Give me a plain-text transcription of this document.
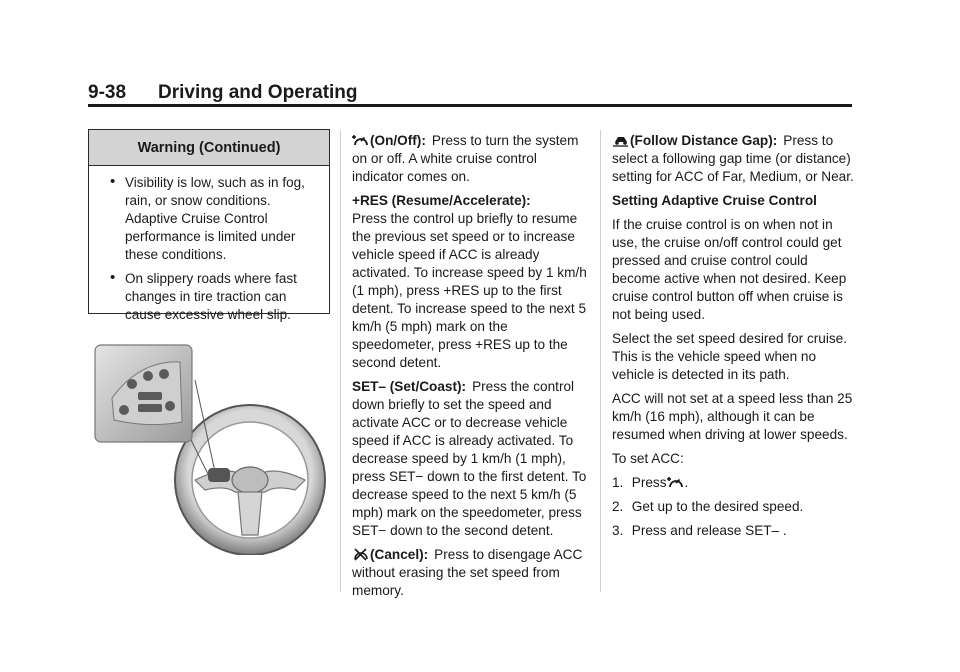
9-38 Driving and Operating
Warning (Continued)
• Visibility is low, such as in fog, rain, or snow conditions. Adaptive Cruise Control performance is limited under these conditions.
• On slippery roads where fast changes in tire traction can cause excessive wheel slip.

(On/Off): Press to turn the system on or off. A white cruise control indicator comes on.

+RES (Resume/Accelerate):
Press the control up briefly to resume the previous set speed or to increase vehicle speed if ACC is already activated. To increase speed by 1 km/h (1 mph), press +RES up to the first detent. To increase speed to the next 5 km/h (5 mph) mark on the speedometer, press +RES up to the second detent.

SET– (Set/Coast): Press the control down briefly to set the speed and activate ACC or to decrease vehicle speed if ACC is already activated. To decrease speed by 1 km/h (1 mph), press SET− down to the first detent. To decrease speed to the next 5 km/h (5 mph) mark on the speedometer, press SET− down to the second detent.

(Cancel): Press to disengage ACC without erasing the set speed from memory.

(Follow Distance Gap): Press to select a following gap time (or distance) setting for ACC of Far, Medium, or Near.

Setting Adaptive Cruise Control

If the cruise control is on when not in use, the cruise on/off control could get pressed and cruise control could become active when not desired. Keep cruise control button off when cruise is not being used.

Select the set speed desired for cruise. This is the vehicle speed when no vehicle is detected in its path.

ACC will not set at a speed less than 25 km/h (16 mph), although it can be resumed when driving at lower speeds.

To set ACC:

1. Press .

2. Get up to the desired speed.

3. Press and release SET– .
